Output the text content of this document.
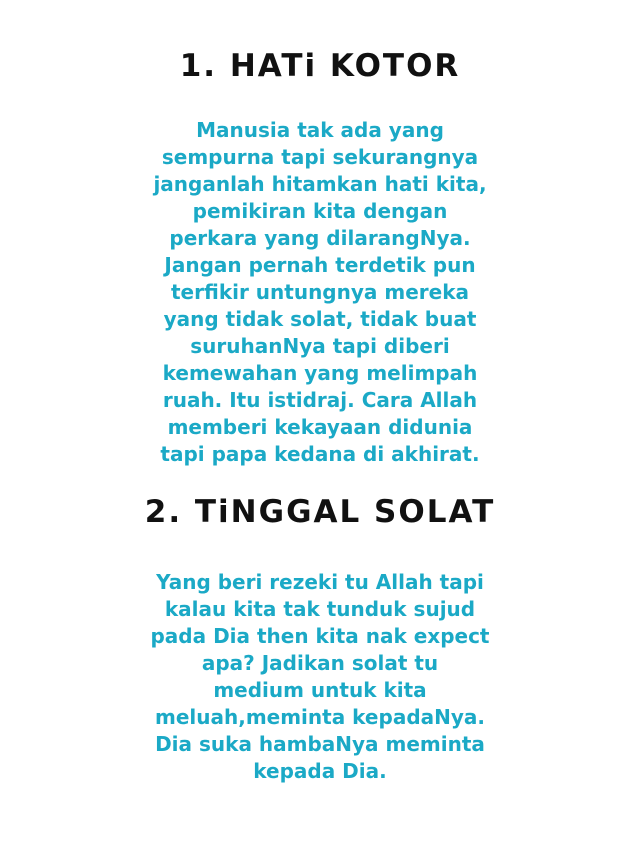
1. HATi KOTOR
Manusia tak ada yang
sempurna tapi sekurangnya
janganlah hitamkan hati kita,
pemikiran kita dengan
perkara yang dilarangNya.
Jangan pernah terdetik pun
terfikir untungnya mereka
yang tidak solat, tidak buat
suruhanNya tapi diberi
kemewahan yang melimpah
ruah. Itu istidraj. Cara Allah
memberi kekayaan didunia
tapi papa kedana di akhirat.
2. TiNGGAL SOLAT
Yang beri rezeki tu Allah tapi
kalau kita tak tunduk sujud
pada Dia then kita nak expect
apa? Jadikan solat tu
medium untuk kita
meluah,meminta kepadaNya.
Dia suka hambaNya meminta
kepada Dia.
